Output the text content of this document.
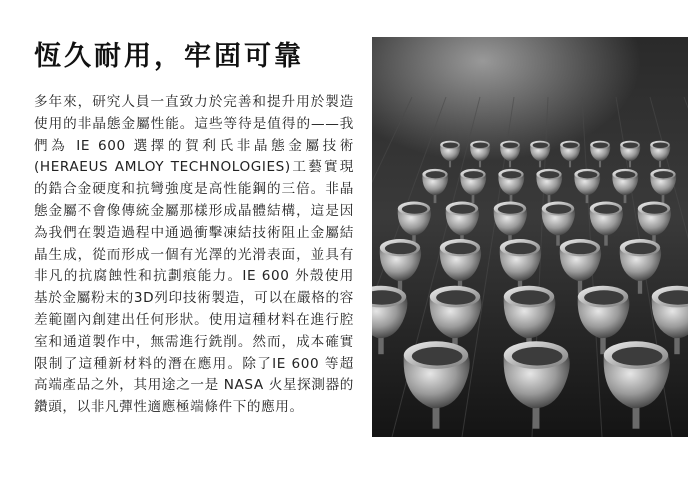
恆久耐用，牢固可靠

多年來，研究人員一直致力於完善和提升用於製造使用的非晶態金屬性能。這些等待是值得的——我們為 IE 600 選擇的賀利氏非晶態金屬技術 (HERAEUS AMLOY TECHNOLOGIES)工藝實現的鋯合金硬度和抗彎強度是高性能鋼的三倍。非晶態金屬不會像傳統金屬那樣形成晶體結構，這是因為我們在製造過程中通過衝擊凍結技術阻止金屬結晶生成，從而形成一個有光澤的光滑表面，並具有非凡的抗腐蝕性和抗劃痕能力。IE 600 外殼使用基於金屬粉末的3D列印技術製造，可以在嚴格的容差範圍內創建出任何形狀。使用這種材料在進行腔室和通道製作中，無需進行銑削。然而，成本確實限制了這種新材料的潛在應用。除了IE 600 等超高端產品之外，其用途之一是 NASA 火星探測器的鑽頭，以非凡彈性適應極端條件下的應用。
